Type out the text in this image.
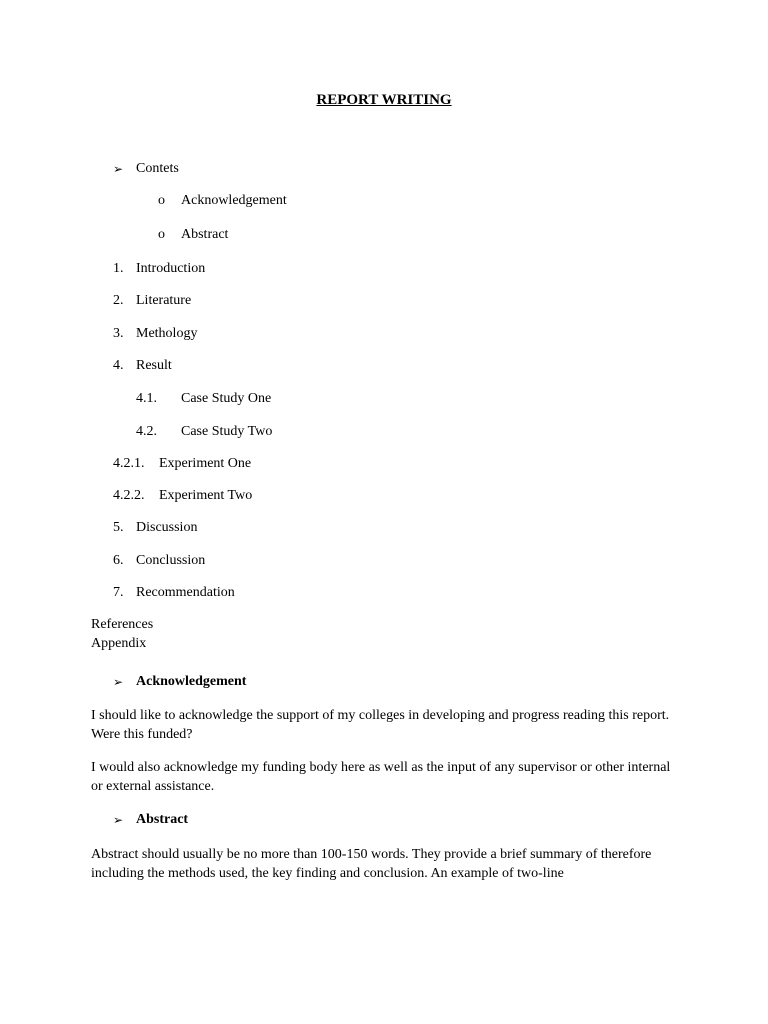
REPORT WRITING
➢ Contets
o Acknowledgement
o Abstract
1. Introduction
2. Literature
3. Methology
4. Result
4.1. Case Study One
4.2. Case Study Two
4.2.1. Experiment One
4.2.2. Experiment Two
5. Discussion
6. Conclussion
7. Recommendation
References
Appendix
➢ Acknowledgement
I should like to acknowledge the support of my colleges in developing and progress reading this report. Were this funded?
I would also acknowledge my funding body here as well as the input of any supervisor or other internal or external assistance.
➢ Abstract
Abstract should usually be no more than 100-150 words. They provide a brief summary of therefore including the methods used, the key finding and conclusion. An example of two-line
